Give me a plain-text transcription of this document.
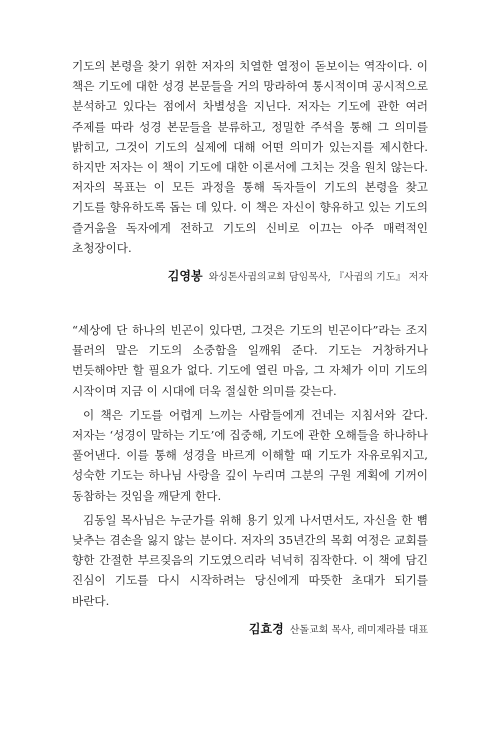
기도의 본령을 찾기 위한 저자의 치열한 열정이 돋보이는 역작이다. 이 책은 기도에 대한 성경 본문들을 거의 망라하여 통시적이며 공시적으로 분석하고 있다는 점에서 차별성을 지닌다. 저자는 기도에 관한 여러 주제를 따라 성경 본문들을 분류하고, 정밀한 주석을 통해 그 의미를 밝히고, 그것이 기도의 실제에 대해 어떤 의미가 있는지를 제시한다. 하지만 저자는 이 책이 기도에 대한 이론서에 그치는 것을 원치 않는다. 저자의 목표는 이 모든 과정을 통해 독자들이 기도의 본령을 찾고 기도를 향유하도록 돕는 데 있다. 이 책은 자신이 향유하고 있는 기도의 즐거움을 독자에게 전하고 기도의 신비로 이끄는 아주 매력적인 초청장이다.

김영봉 와싱톤사귐의교회 담임목사, 『사귐의 기도』 저자

“세상에 단 하나의 빈곤이 있다면, 그것은 기도의 빈곤이다”라는 조지 뮬러의 말은 기도의 소중함을 일깨워 준다. 기도는 거창하거나 번듯해야만 할 필요가 없다. 기도에 열린 마음, 그 자체가 이미 기도의 시작이며 지금 이 시대에 더욱 절실한 의미를 갖는다.

이 책은 기도를 어렵게 느끼는 사람들에게 건네는 지침서와 같다. 저자는 ‘성경이 말하는 기도’에 집중해, 기도에 관한 오해들을 하나하나 풀어낸다. 이를 통해 성경을 바르게 이해할 때 기도가 자유로워지고, 성숙한 기도는 하나님 사랑을 깊이 누리며 그분의 구원 계획에 기꺼이 동참하는 것임을 깨닫게 한다.

김동일 목사님은 누군가를 위해 용기 있게 나서면서도, 자신을 한 뼘 낮추는 겸손을 잃지 않는 분이다. 저자의 35년간의 목회 여정은 교회를 향한 간절한 부르짖음의 기도였으리라 넉넉히 짐작한다. 이 책에 담긴 진심이 기도를 다시 시작하려는 당신에게 따뜻한 초대가 되기를 바란다.

김효경 산돌교회 목사, 레미제라블 대표
